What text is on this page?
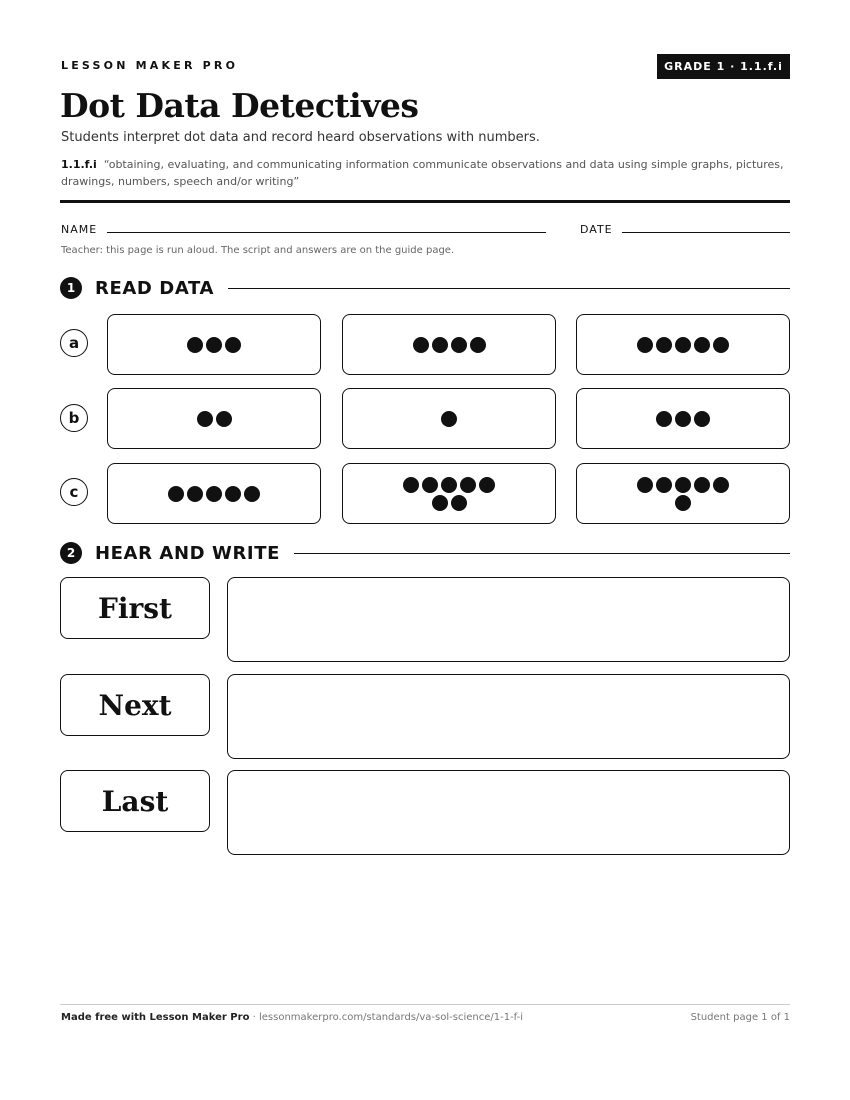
LESSON MAKER PRO	GRADE 1 · 1.1.f.i
Dot Data Detectives
Students interpret dot data and record heard observations with numbers.
1.1.f.i “obtaining, evaluating, and communicating information communicate observations and data using simple graphs, pictures, drawings, numbers, speech and/or writing”
NAME	DATE
Teacher: this page is run aloud. The script and answers are on the guide page.
1	READ DATA
a
b
c
2	HEAR AND WRITE
First
Next
Last
Made free with Lesson Maker Pro · lessonmakerpro.com/standards/va-sol-science/1-1-f-i	Student page 1 of 1
